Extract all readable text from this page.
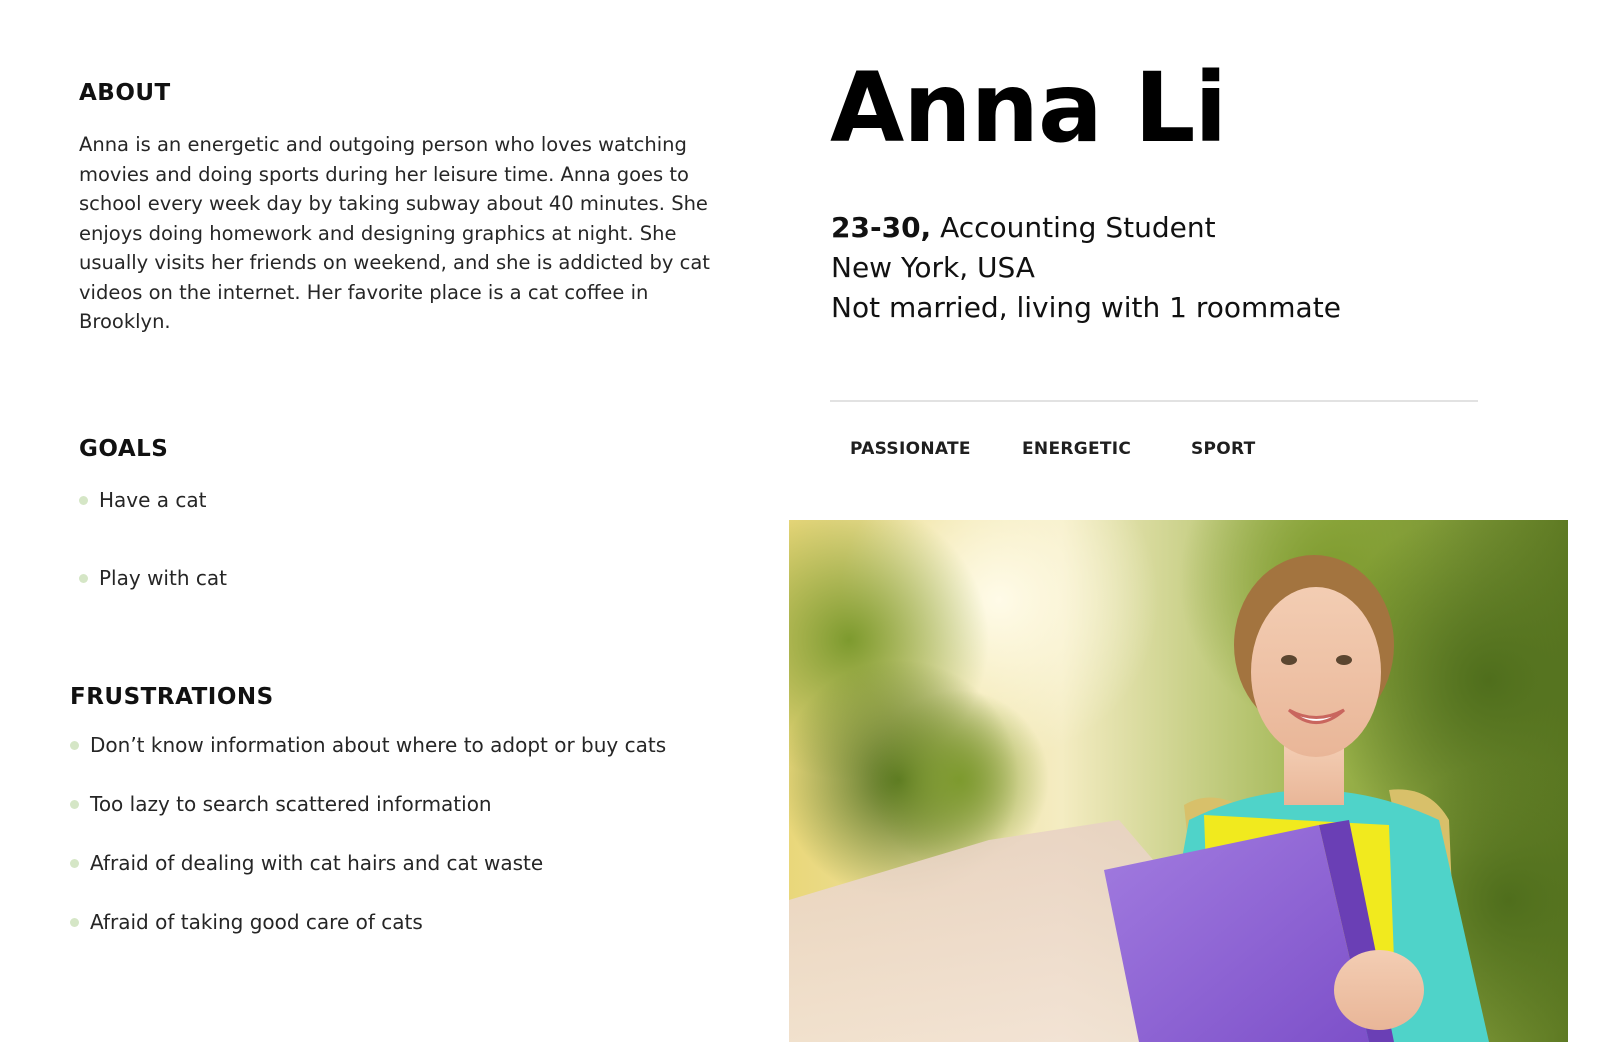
ABOUT

Anna is an energetic and outgoing person who loves watching movies and doing sports during her leisure time. Anna goes to school every week day by taking subway about 40 minutes. She enjoys doing homework and designing graphics at night. She usually visits her friends on weekend, and she is addicted by cat videos on the internet. Her favorite place is a cat coffee in Brooklyn.

GOALS
Have a cat
Play with cat
FRUSTRATIONS
Don’t know information about where to adopt or buy cats
Too lazy to search scattered information
Afraid of dealing with cat hairs and cat waste
Afraid of taking good care of cats
Anna Li
23-30, Accounting Student
New York, USA
Not married, living with 1 roommate
PASSIONATE	ENERGETIC	SPORT
